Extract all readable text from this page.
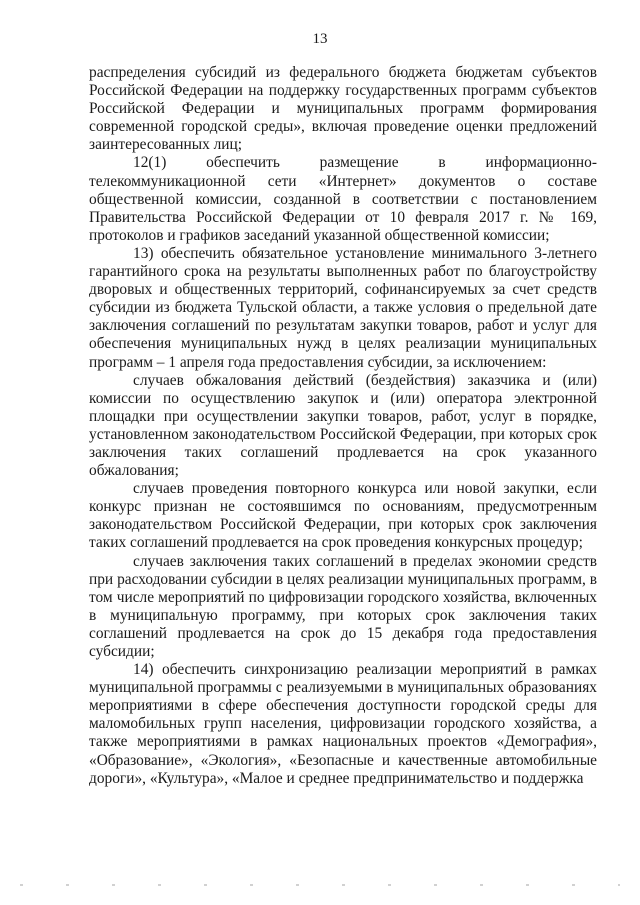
13

распределения субсидий из федерального бюджета бюджетам субъектов Российской Федерации на поддержку государственных программ субъектов Российской Федерации и муниципальных программ формирования современной городской среды», включая проведение оценки предложений заинтересованных лиц;

12(1) обеспечить размещение в информационно-телекоммуникационной сети «Интернет» документов о составе общественной комиссии, созданной в соответствии с постановлением Правительства Российской Федерации от 10 февраля 2017 г. № 169, протоколов и графиков заседаний указанной общественной комиссии;

13) обеспечить обязательное установление минимального 3-летнего гарантийного срока на результаты выполненных работ по благоустройству дворовых и общественных территорий, софинансируемых за счет средств субсидии из бюджета Тульской области, а также условия о предельной дате заключения соглашений по результатам закупки товаров, работ и услуг для обеспечения муниципальных нужд в целях реализации муниципальных программ – 1 апреля года предоставления субсидии, за исключением:

случаев обжалования действий (бездействия) заказчика и (или) комиссии по осуществлению закупок и (или) оператора электронной площадки при осуществлении закупки товаров, работ, услуг в порядке, установленном законодательством Российской Федерации, при которых срок заключения таких соглашений продлевается на срок указанного обжалования;

случаев проведения повторного конкурса или новой закупки, если конкурс признан не состоявшимся по основаниям, предусмотренным законодательством Российской Федерации, при которых срок заключения таких соглашений продлевается на срок проведения конкурсных процедур;

случаев заключения таких соглашений в пределах экономии средств при расходовании субсидии в целях реализации муниципальных программ, в том числе мероприятий по цифровизации городского хозяйства, включенных в муниципальную программу, при которых срок заключения таких соглашений продлевается на срок до 15 декабря года предоставления субсидии;

14) обеспечить синхронизацию реализации мероприятий в рамках муниципальной программы с реализуемыми в муниципальных образованиях мероприятиями в сфере обеспечения доступности городской среды для маломобильных групп населения, цифровизации городского хозяйства, а также мероприятиями в рамках национальных проектов «Демография», «Образование», «Экология», «Безопасные и качественные автомобильные дороги», «Культура», «Малое и среднее предпринимательство и поддержка
